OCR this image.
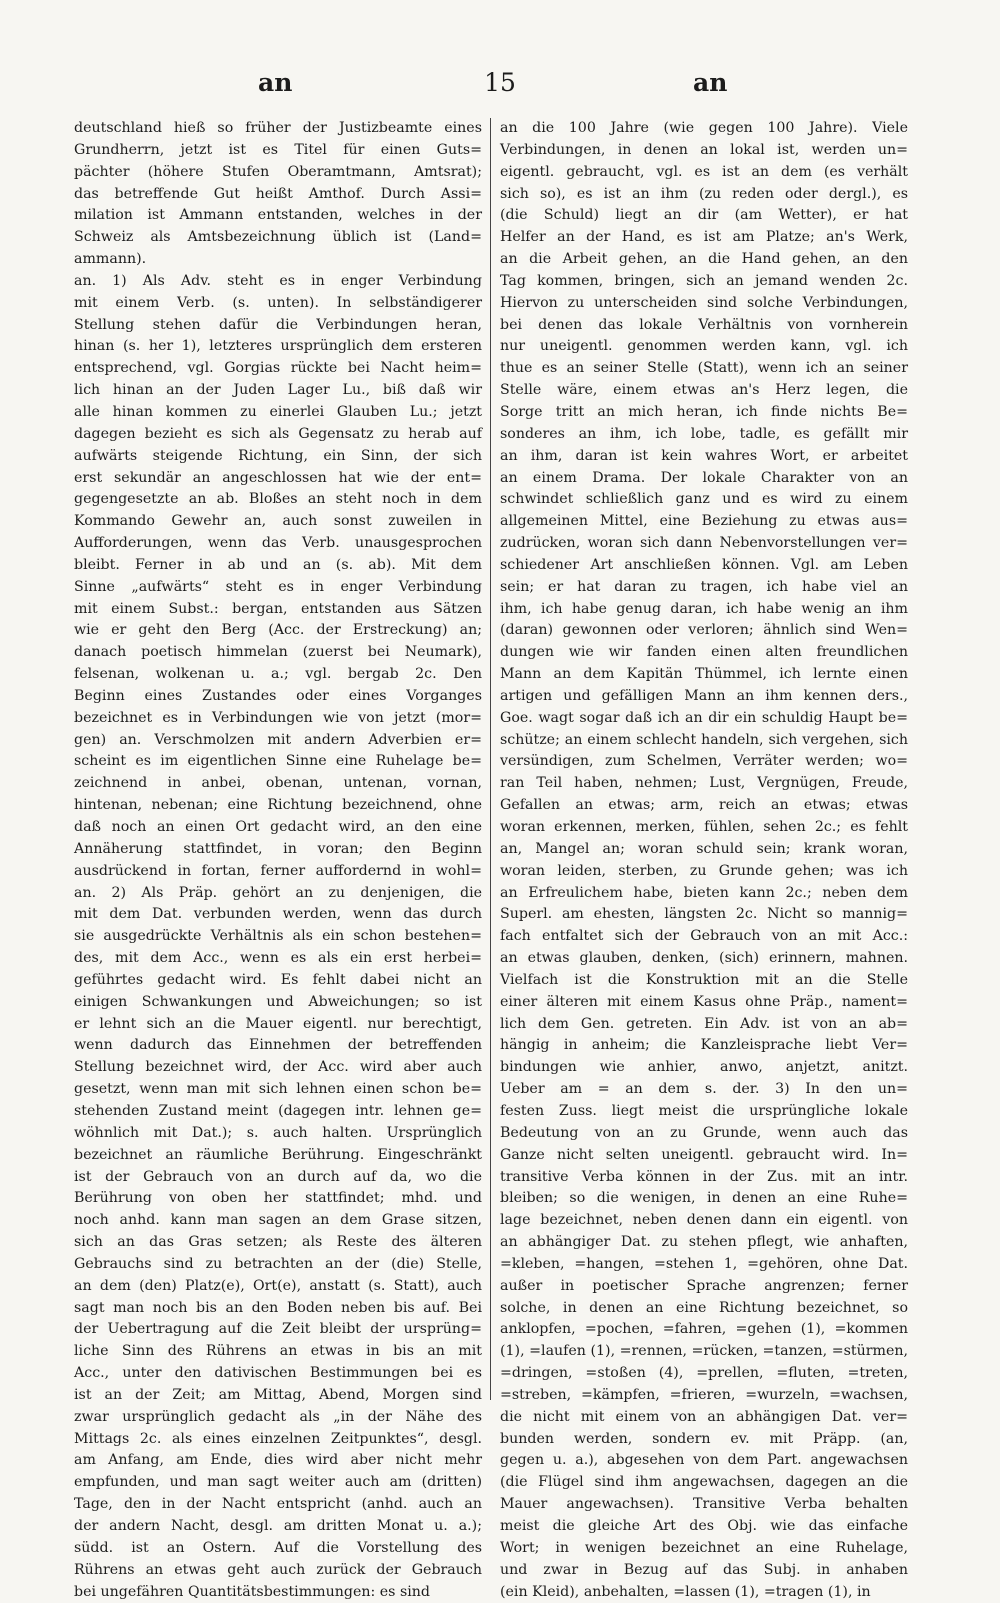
an	15	an
deutschland hieß so früher der Justizbeamte eines
Grundherrn, jetzt ist es Titel für einen Guts=
pächter (höhere Stufen Oberamtmann, Amtsrat);
das betreffende Gut heißt Amthof. Durch Assi=
milation ist Ammann entstanden, welches in der
Schweiz als Amtsbezeichnung üblich ist (Land=
ammann).
an. 1) Als Adv. steht es in enger Verbindung
mit einem Verb. (s. unten). In selbständigerer
Stellung stehen dafür die Verbindungen heran,
hinan (s. her 1), letzteres ursprünglich dem ersteren
entsprechend, vgl. Gorgias rückte bei Nacht heim=
lich hinan an der Juden Lager Lu., biß daß wir
alle hinan kommen zu einerlei Glauben Lu.; jetzt
dagegen bezieht es sich als Gegensatz zu herab auf
aufwärts steigende Richtung, ein Sinn, der sich
erst sekundär an angeschlossen hat wie der ent=
gegengesetzte an ab. Bloßes an steht noch in dem
Kommando Gewehr an, auch sonst zuweilen in
Aufforderungen, wenn das Verb. unausgesprochen
bleibt. Ferner in ab und an (s. ab). Mit dem
Sinne „aufwärts“ steht es in enger Verbindung
mit einem Subst.: bergan, entstanden aus Sätzen
wie er geht den Berg (Acc. der Erstreckung) an;
danach poetisch himmelan (zuerst bei Neumark),
felsenan, wolkenan u. a.; vgl. bergab 2c. Den
Beginn eines Zustandes oder eines Vorganges
bezeichnet es in Verbindungen wie von jetzt (mor=
gen) an. Verschmolzen mit andern Adverbien er=
scheint es im eigentlichen Sinne eine Ruhelage be=
zeichnend in anbei, obenan, untenan, vornan,
hintenan, nebenan; eine Richtung bezeichnend, ohne
daß noch an einen Ort gedacht wird, an den eine
Annäherung stattfindet, in voran; den Beginn
ausdrückend in fortan, ferner auffordernd in wohl=
an. 2) Als Präp. gehört an zu denjenigen, die
mit dem Dat. verbunden werden, wenn das durch
sie ausgedrückte Verhältnis als ein schon bestehen=
des, mit dem Acc., wenn es als ein erst herbei=
geführtes gedacht wird. Es fehlt dabei nicht an
einigen Schwankungen und Abweichungen; so ist
er lehnt sich an die Mauer eigentl. nur berechtigt,
wenn dadurch das Einnehmen der betreffenden
Stellung bezeichnet wird, der Acc. wird aber auch
gesetzt, wenn man mit sich lehnen einen schon be=
stehenden Zustand meint (dagegen intr. lehnen ge=
wöhnlich mit Dat.); s. auch halten. Ursprünglich
bezeichnet an räumliche Berührung. Eingeschränkt
ist der Gebrauch von an durch auf da, wo die
Berührung von oben her stattfindet; mhd. und
noch anhd. kann man sagen an dem Grase sitzen,
sich an das Gras setzen; als Reste des älteren
Gebrauchs sind zu betrachten an der (die) Stelle,
an dem (den) Platz(e), Ort(e), anstatt (s. Statt), auch
sagt man noch bis an den Boden neben bis auf. Bei
der Uebertragung auf die Zeit bleibt der ursprüng=
liche Sinn des Rührens an etwas in bis an mit
Acc., unter den dativischen Bestimmungen bei es
ist an der Zeit; am Mittag, Abend, Morgen sind
zwar ursprünglich gedacht als „in der Nähe des
Mittags 2c. als eines einzelnen Zeitpunktes“, desgl.
am Anfang, am Ende, dies wird aber nicht mehr
empfunden, und man sagt weiter auch am (dritten)
Tage, den in der Nacht entspricht (anhd. auch an
der andern Nacht, desgl. am dritten Monat u. a.);
südd. ist an Ostern. Auf die Vorstellung des
Rührens an etwas geht auch zurück der Gebrauch
bei ungefähren Quantitätsbestimmungen: es sind
an die 100 Jahre (wie gegen 100 Jahre). Viele
Verbindungen, in denen an lokal ist, werden un=
eigentl. gebraucht, vgl. es ist an dem (es verhält
sich so), es ist an ihm (zu reden oder dergl.), es
(die Schuld) liegt an dir (am Wetter), er hat
Helfer an der Hand, es ist am Platze; an's Werk,
an die Arbeit gehen, an die Hand gehen, an den
Tag kommen, bringen, sich an jemand wenden 2c.
Hiervon zu unterscheiden sind solche Verbindungen,
bei denen das lokale Verhältnis von vornherein
nur uneigentl. genommen werden kann, vgl. ich
thue es an seiner Stelle (Statt), wenn ich an seiner
Stelle wäre, einem etwas an's Herz legen, die
Sorge tritt an mich heran, ich finde nichts Be=
sonderes an ihm, ich lobe, tadle, es gefällt mir
an ihm, daran ist kein wahres Wort, er arbeitet
an einem Drama. Der lokale Charakter von an
schwindet schließlich ganz und es wird zu einem
allgemeinen Mittel, eine Beziehung zu etwas aus=
zudrücken, woran sich dann Nebenvorstellungen ver=
schiedener Art anschließen können. Vgl. am Leben
sein; er hat daran zu tragen, ich habe viel an
ihm, ich habe genug daran, ich habe wenig an ihm
(daran) gewonnen oder verloren; ähnlich sind Wen=
dungen wie wir fanden einen alten freundlichen
Mann an dem Kapitän Thümmel, ich lernte einen
artigen und gefälligen Mann an ihm kennen ders.,
Goe. wagt sogar daß ich an dir ein schuldig Haupt be=
schütze; an einem schlecht handeln, sich vergehen, sich
versündigen, zum Schelmen, Verräter werden; wo=
ran Teil haben, nehmen; Lust, Vergnügen, Freude,
Gefallen an etwas; arm, reich an etwas; etwas
woran erkennen, merken, fühlen, sehen 2c.; es fehlt
an, Mangel an; woran schuld sein; krank woran,
woran leiden, sterben, zu Grunde gehen; was ich
an Erfreulichem habe, bieten kann 2c.; neben dem
Superl. am ehesten, längsten 2c. Nicht so mannig=
fach entfaltet sich der Gebrauch von an mit Acc.:
an etwas glauben, denken, (sich) erinnern, mahnen.
Vielfach ist die Konstruktion mit an die Stelle
einer älteren mit einem Kasus ohne Präp., nament=
lich dem Gen. getreten. Ein Adv. ist von an ab=
hängig in anheim; die Kanzleisprache liebt Ver=
bindungen wie anhier, anwo, anjetzt, anitzt.
Ueber am = an dem s. der. 3) In den un=
festen Zuss. liegt meist die ursprüngliche lokale
Bedeutung von an zu Grunde, wenn auch das
Ganze nicht selten uneigentl. gebraucht wird. In=
transitive Verba können in der Zus. mit an intr.
bleiben; so die wenigen, in denen an eine Ruhe=
lage bezeichnet, neben denen dann ein eigentl. von
an abhängiger Dat. zu stehen pflegt, wie anhaften,
=kleben, =hangen, =stehen 1, =gehören, ohne Dat.
außer in poetischer Sprache angrenzen; ferner
solche, in denen an eine Richtung bezeichnet, so
anklopfen, =pochen, =fahren, =gehen (1), =kommen
(1), =laufen (1), =rennen, =rücken, =tanzen, =stürmen,
=dringen, =stoßen (4), =prellen, =fluten, =treten,
=streben, =kämpfen, =frieren, =wurzeln, =wachsen,
die nicht mit einem von an abhängigen Dat. ver=
bunden werden, sondern ev. mit Präpp. (an,
gegen u. a.), abgesehen von dem Part. angewachsen
(die Flügel sind ihm angewachsen, dagegen an die
Mauer angewachsen). Transitive Verba behalten
meist die gleiche Art des Obj. wie das einfache
Wort; in wenigen bezeichnet an eine Ruhelage,
und zwar in Bezug auf das Subj. in anhaben
(ein Kleid), anbehalten, =lassen (1), =tragen (1), in
